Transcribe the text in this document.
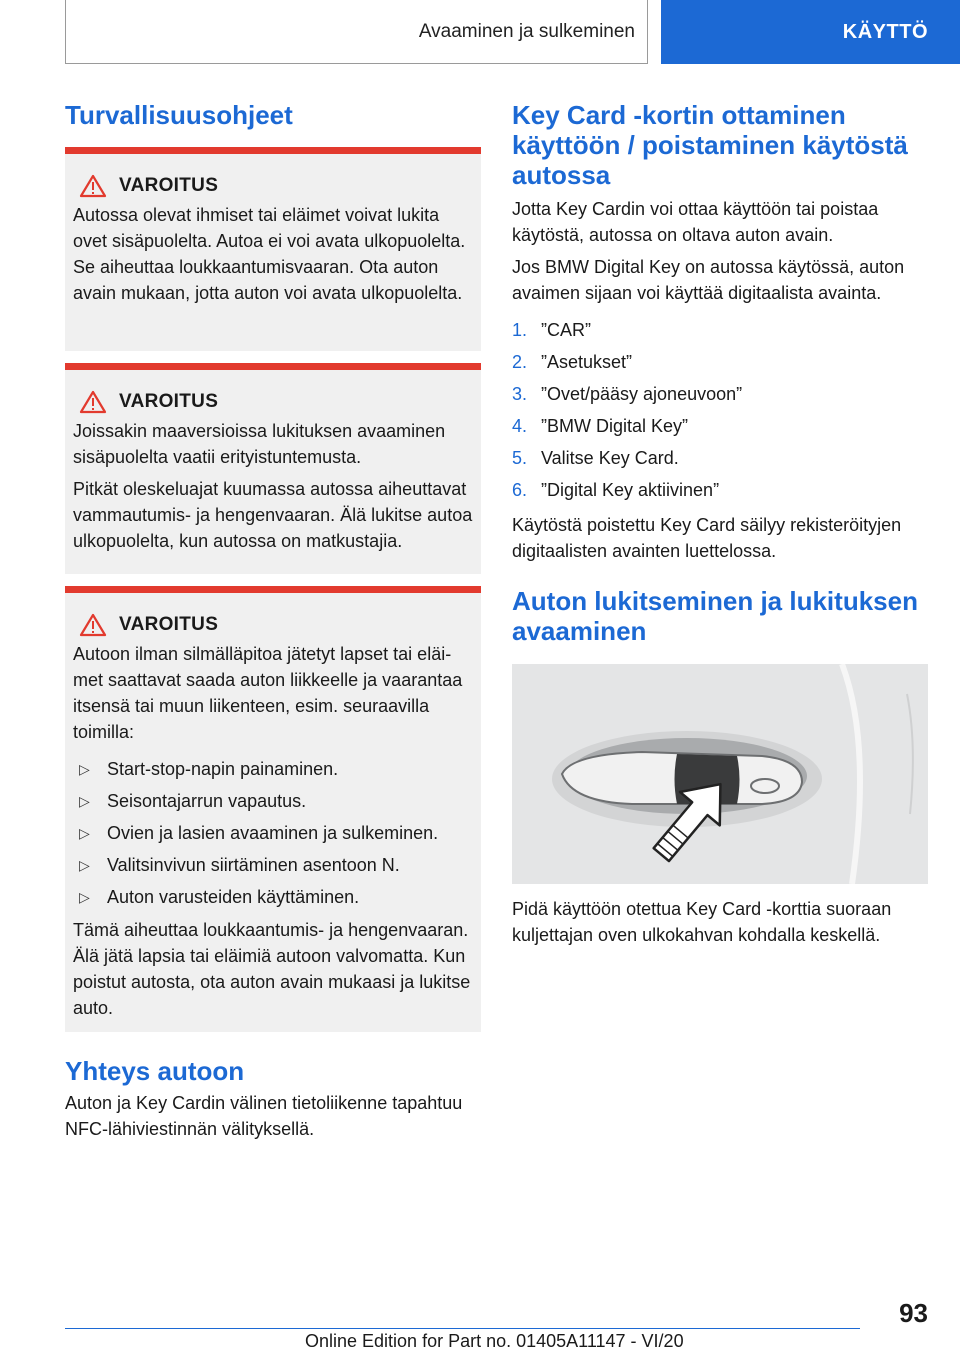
Avaaminen ja sulkeminen	KÄYTTÖ
Turvallisuusohjeet
VAROITUS

Autossa olevat ihmiset tai eläimet voivat lukita ovet sisäpuolelta. Autoa ei voi avata ulkopuolelta. Se aiheuttaa loukkaantumisvaaran. Ota auton avain mukaan, jotta auton voi avata ulkopuolelta.

VAROITUS

Joissakin maaversioissa lukituksen avaaminen sisäpuolelta vaatii erityistuntemusta.

Pitkät oleskeluajat kuumassa autossa aiheuttavat vammautumis- ja hengenvaaran. Älä lukitse autoa ulkopuolelta, kun autossa on matkustajia.

VAROITUS

Autoon ilman silmälläpitoa jätetyt lapset tai eläimet saattavat saada auton liikkeelle ja vaarantaa itsensä tai muun liikenteen, esim. seuraavilla toimilla:

▷ Start-stop-napin painaminen.
▷ Seisontajarrun vapautus.
▷ Ovien ja lasien avaaminen ja sulkeminen.
▷ Valitsinvivun siirtäminen asentoon N.
▷ Auton varusteiden käyttäminen.

Tämä aiheuttaa loukkaantumis- ja hengenvaaran. Älä jätä lapsia tai eläimiä autoon valvomatta. Kun poistut autosta, ota auton avain mukaasi ja lukitse auto.

Yhteys autoon

Auton ja Key Cardin välinen tietoliikenne tapahtuu NFC-lähiviestinnän välityksellä.

Key Card -kortin ottaminen käyttöön / poistaminen käytöstä autossa

Jotta Key Cardin voi ottaa käyttöön tai poistaa käytöstä, autossa on oltava auton avain.

Jos BMW Digital Key on autossa käytössä, auton avaimen sijaan voi käyttää digitaalista avainta.

1. ”CAR”
2. ”Asetukset”
3. ”Ovet/pääsy ajoneuvoon”
4. ”BMW Digital Key”
5. Valitse Key Card.
6. ”Digital Key aktiivinen”

Käytöstä poistettu Key Card säilyy rekisteröityjen digitaalisten avainten luettelossa.

Auton lukitseminen ja lukituksen avaaminen

Pidä käyttöön otettua Key Card -korttia suoraan kuljettajan oven ulkokahvan kohdalla keskellä.

93
Online Edition for Part no. 01405A11147 - VI/20
